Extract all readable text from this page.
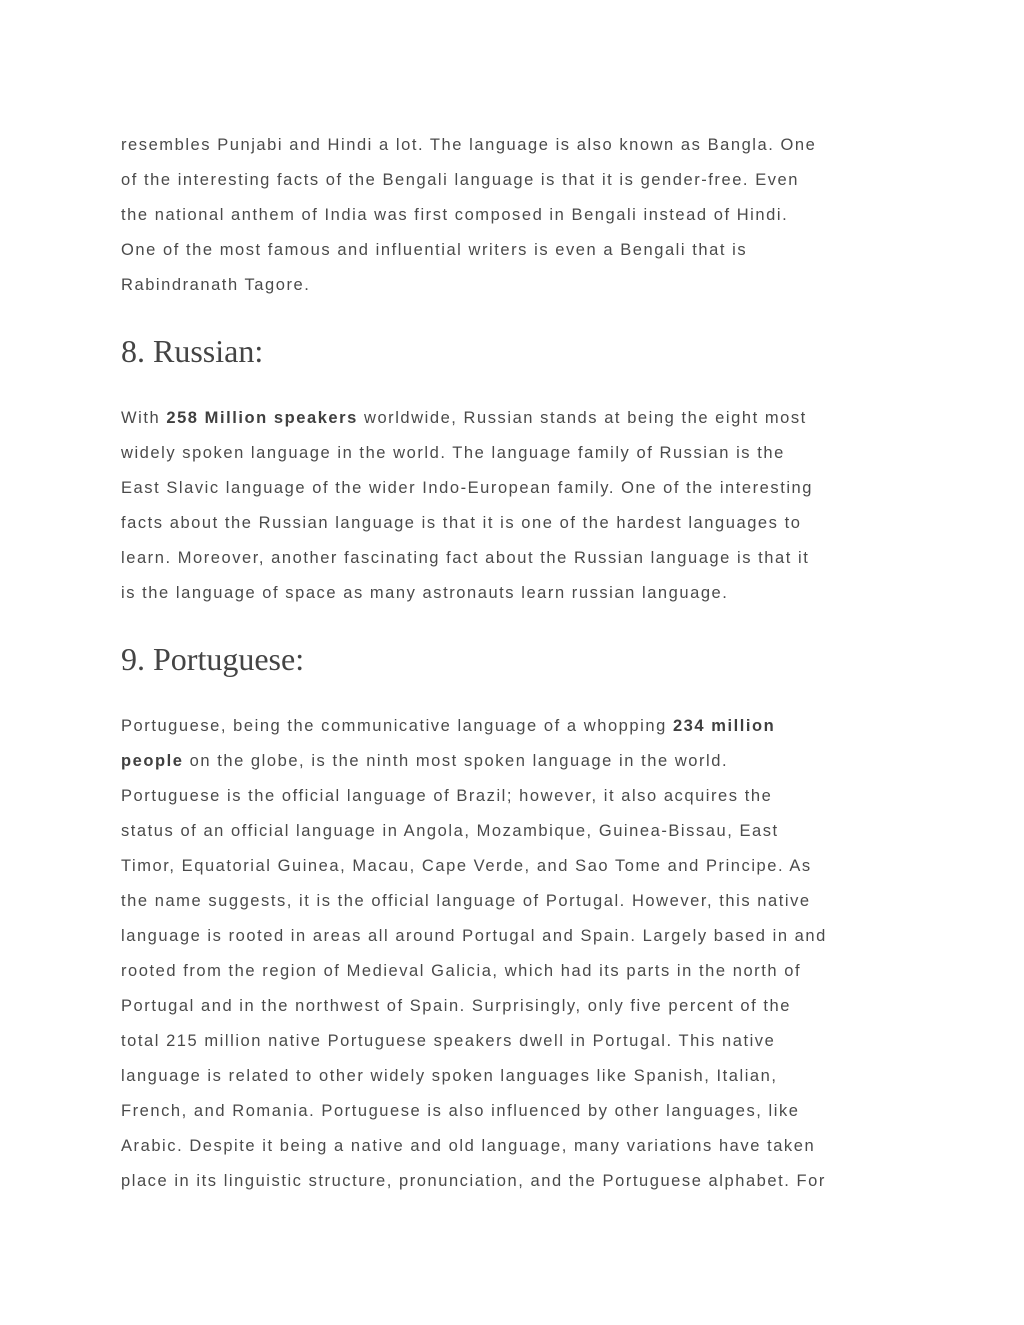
resembles Punjabi and Hindi a lot. The language is also known as Bangla. One
of the interesting facts of the Bengali language is that it is gender-free. Even
the national anthem of India was first composed in Bengali instead of Hindi.
One of the most famous and influential writers is even a Bengali that is
Rabindranath Tagore.

8. Russian:

With 258 Million speakers worldwide, Russian stands at being the eight most
widely spoken language in the world. The language family of Russian is the
East Slavic language of the wider Indo-European family. One of the interesting
facts about the Russian language is that it is one of the hardest languages to
learn. Moreover, another fascinating fact about the Russian language is that it
is the language of space as many astronauts learn russian language.

9. Portuguese:

Portuguese, being the communicative language of a whopping 234 million
people on the globe, is the ninth most spoken language in the world.
Portuguese is the official language of Brazil; however, it also acquires the
status of an official language in Angola, Mozambique, Guinea-Bissau, East
Timor, Equatorial Guinea, Macau, Cape Verde, and Sao Tome and Principe. As
the name suggests, it is the official language of Portugal. However, this native
language is rooted in areas all around Portugal and Spain. Largely based in and
rooted from the region of Medieval Galicia, which had its parts in the north of
Portugal and in the northwest of Spain. Surprisingly, only five percent of the
total 215 million native Portuguese speakers dwell in Portugal. This native
language is related to other widely spoken languages like Spanish, Italian,
French, and Romania. Portuguese is also influenced by other languages, like
Arabic. Despite it being a native and old language, many variations have taken
place in its linguistic structure, pronunciation, and the Portuguese alphabet. For
